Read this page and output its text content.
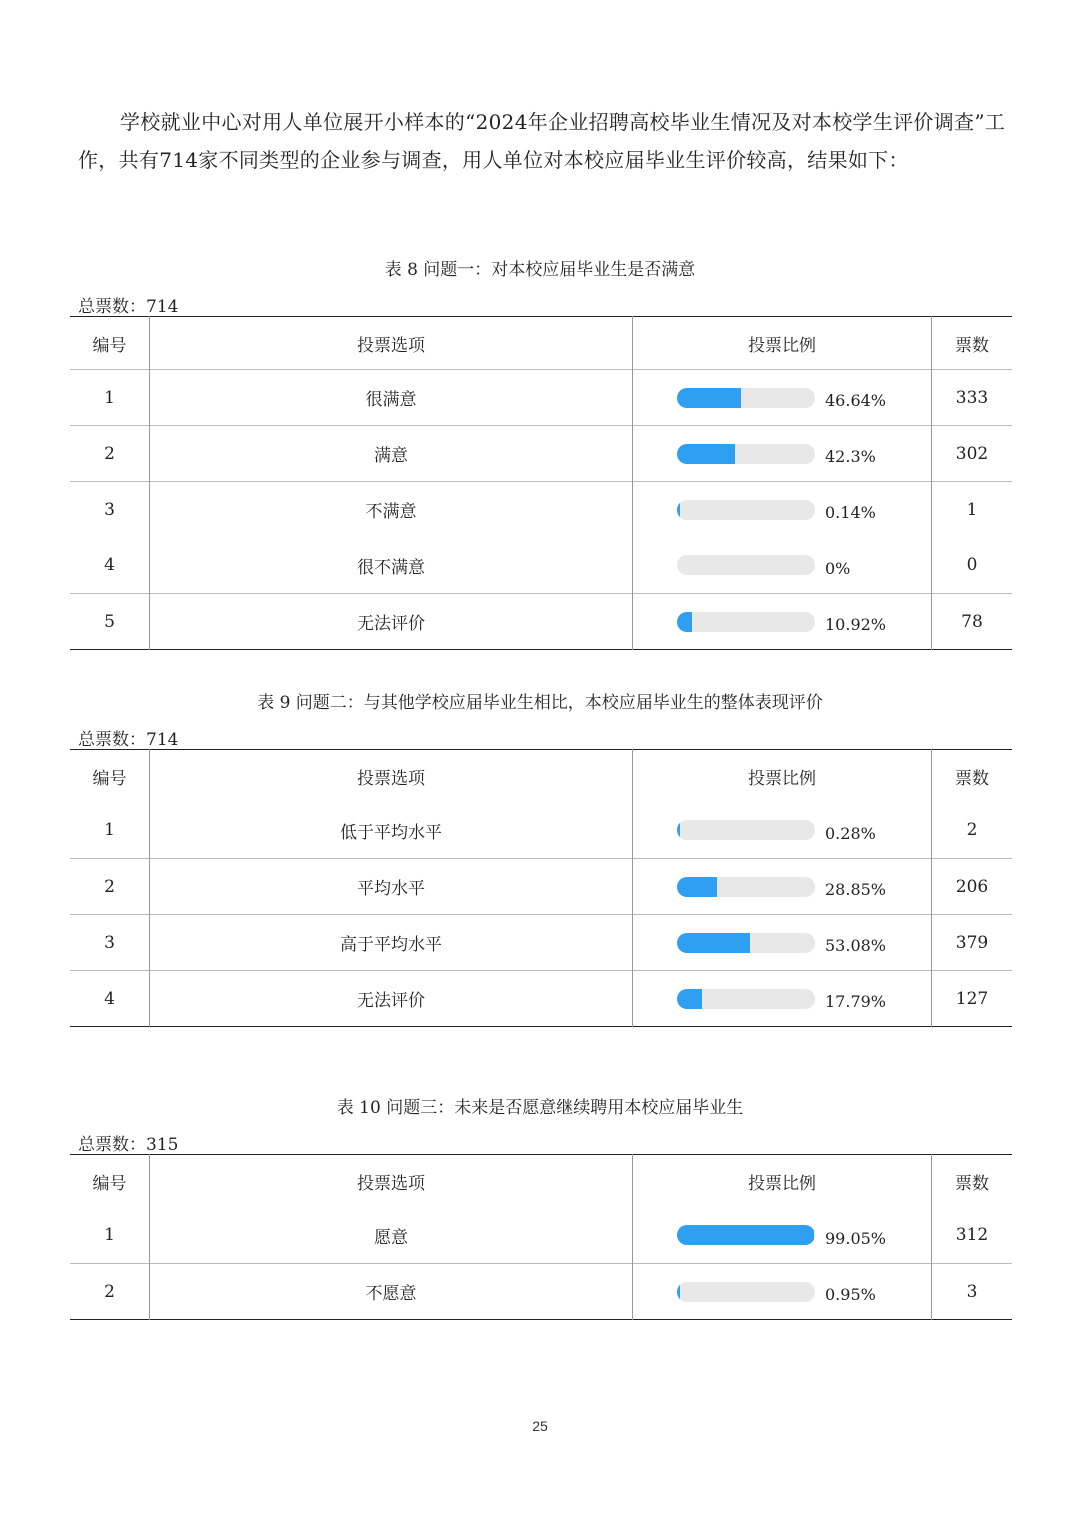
学校就业中心对用人单位展开小样本的“2024年企业招聘高校毕业生情况及对本校学生评价调查”工作，共有714家不同类型的企业参与调查，用人单位对本校应届毕业生评价较高，结果如下：

表 8 问题一：对本校应届毕业生是否满意
总票数：714
编号	投票选项	投票比例	票数
1	很满意	46.64%	333
2	满意	42.3%	302
3	不满意	0.14%	1
4	很不满意	0%	0
5	无法评价	10.92%	78
表 9 问题二：与其他学校应届毕业生相比，本校应届毕业生的整体表现评价
总票数：714
编号	投票选项	投票比例	票数
1	低于平均水平	0.28%	2
2	平均水平	28.85%	206
3	高于平均水平	53.08%	379
4	无法评价	17.79%	127
表 10 问题三：未来是否愿意继续聘用本校应届毕业生
总票数：315
编号	投票选项	投票比例	票数
1	愿意	99.05%	312
2	不愿意	0.95%	3
25
